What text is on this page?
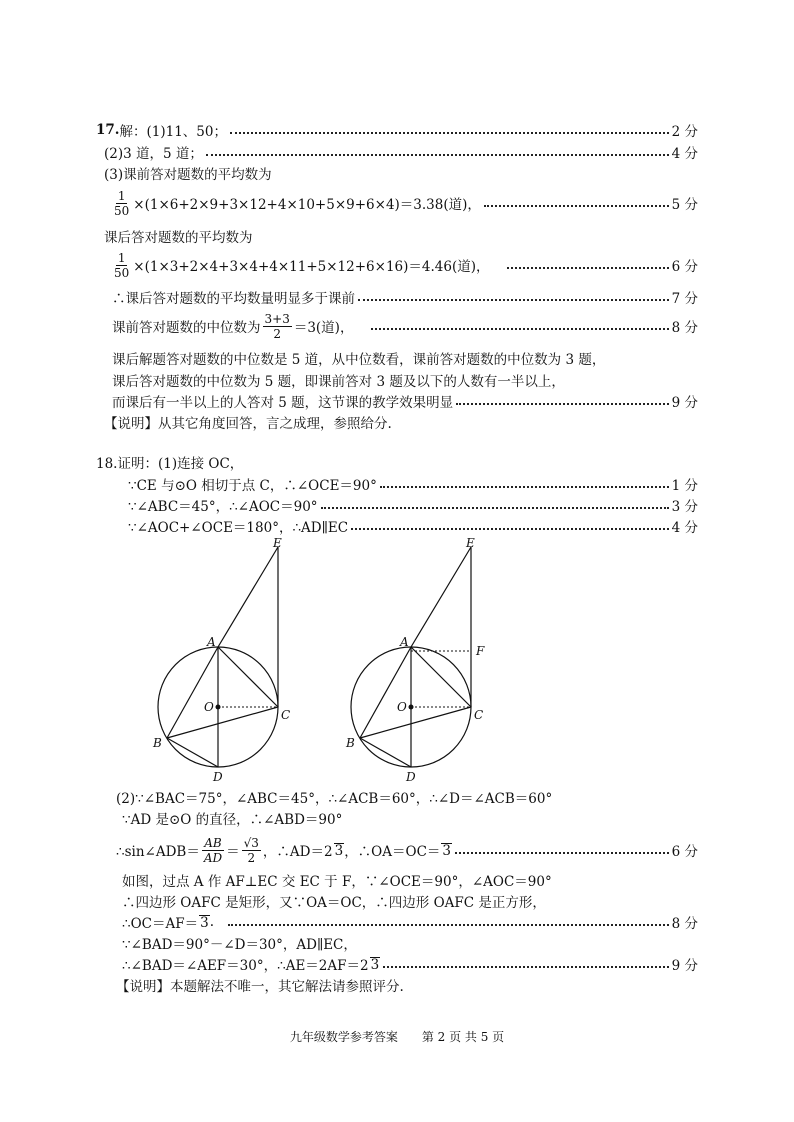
17. 解：(1)11、50；	2 分
(2)3 道，5 道；	4 分
(3)课前答对题数的平均数为
$\frac{1}{50} \times(1\times 6+2\times 9+3\times 12+4\times 10+5\times 9+6\times 4)=3.38$(道)，	5 分
课后答对题数的平均数为
$\frac{1}{50} \times(1\times 3+2\times 4+3\times 4+4\times 11+5\times 12+6\times 16)=4.46$(道)，	6 分
∴课后答对题数的平均数量明显多于课前	7 分
课前答对题数的中位数为 $\frac{3+3}{2} =3$(道)，	8 分
课后解题答对题数的中位数是 5 道，从中位数看，课前答对题数的中位数为 3 题，
课后答对题数的中位数为 5 题，即课前答对 3 题及以下的人数有一半以上，
而课后有一半以上的人答对 5 题，这节课的教学效果明显	9 分
【说明】从其它角度回答，言之成理，参照给分.
18.证明：(1)连接 OC，
∵CE 与⊙O 相切于点 C，∴∠OCE＝90°	1 分
∵∠ABC＝45°，∴∠AOC＝90°	3 分
∵∠AOC+∠OCE＝180°，∴AD∥EC	4 分
E
A
O
C
B
D
E
A
F
O
C
B
D
(2)∵∠BAC＝75°，∠ABC＝45°，∴∠ACB＝60°，∴∠D＝∠ACB＝60°
∵AD 是⊙O 的直径，∴∠ABD＝90°
∴sin∠ADB＝ $\frac{AB}{AD} = \frac{√3}{2}$ ，∴AD＝2 3 ，∴OA＝OC＝ 3	6 分
如图，过点 A 作 AF⊥EC 交 EC 于 F，∵∠OCE＝90°，∠AOC＝90°
∴四边形 OAFC 是矩形，又∵OA＝OC，∴四边形 OAFC 是正方形，
∴OC＝AF＝ 3 .	8 分
∵∠BAD＝90°－∠D＝30°，AD∥EC，
∴∠BAD＝∠AEF＝30°，∴AE＝2AF＝2 3	9 分
【说明】本题解法不唯一，其它解法请参照评分.
九年级数学参考答案　　第 2 页 共 5 页
